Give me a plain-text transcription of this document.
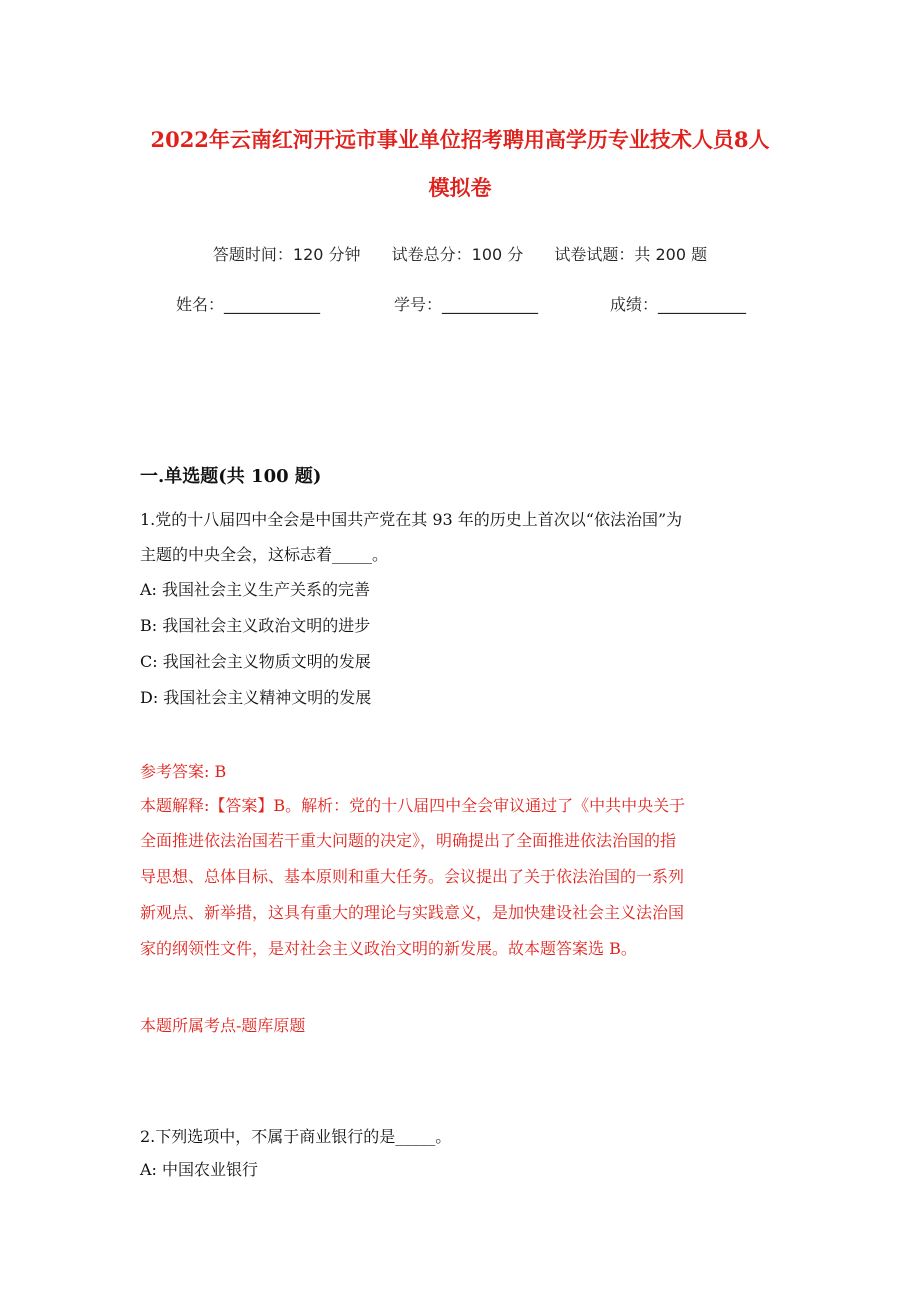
2022年云南红河开远市事业单位招考聘用高学历专业技术人员8人
模拟卷
答题时间：120 分钟 试卷总分：100 分 试卷试题：共 200 题
姓名：____________	学号：____________	成绩：___________
一.单选题(共 100 题)
1.党的十八届四中全会是中国共产党在其 93 年的历史上首次以“依法治国”为
主题的中央全会，这标志着_____。
A: 我国社会主义生产关系的完善
B: 我国社会主义政治文明的进步
C: 我国社会主义物质文明的发展
D: 我国社会主义精神文明的发展
参考答案: B
本题解释:【答案】B。解析：党的十八届四中全会审议通过了《中共中央关于
全面推进依法治国若干重大问题的决定》，明确提出了全面推进依法治国的指
导思想、总体目标、基本原则和重大任务。会议提出了关于依法治国的一系列
新观点、新举措，这具有重大的理论与实践意义，是加快建设社会主义法治国
家的纲领性文件，是对社会主义政治文明的新发展。故本题答案选 B。
本题所属考点-题库原题
2.下列选项中，不属于商业银行的是_____。
A: 中国农业银行
